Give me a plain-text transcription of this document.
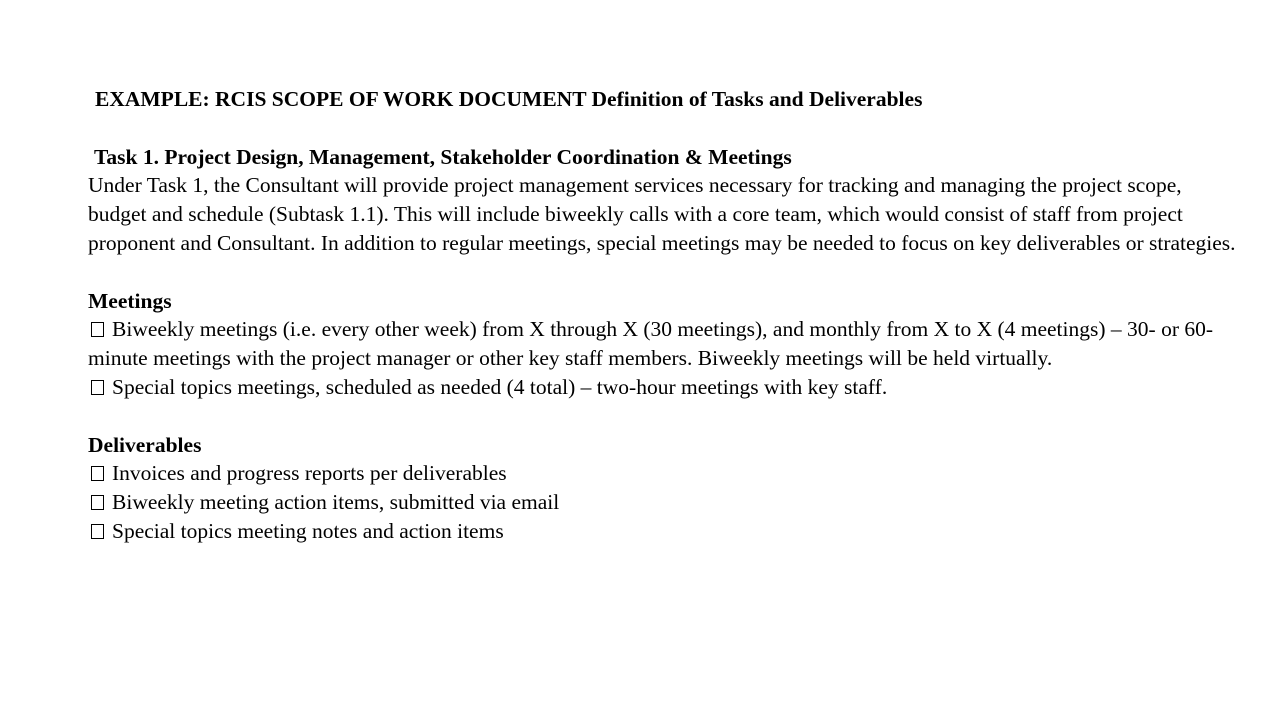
EXAMPLE: RCIS SCOPE OF WORK DOCUMENT Definition of Tasks and Deliverables

Task 1. Project Design, Management, Stakeholder Coordination & Meetings

Under Task 1, the Consultant will provide project management services necessary for tracking and managing the project scope, budget and schedule (Subtask 1.1). This will include biweekly calls with a core team, which would consist of staff from project proponent and Consultant. In addition to regular meetings, special meetings may be needed to focus on key deliverables or strategies.

Meetings

Biweekly meetings (i.e. every other week) from X through X (30 meetings), and monthly from X to X (4 meetings) – 30- or 60-minute meetings with the project manager or other key staff members. Biweekly meetings will be held virtually.

Special topics meetings, scheduled as needed (4 total) – two-hour meetings with key staff.

Deliverables

Invoices and progress reports per deliverables

Biweekly meeting action items, submitted via email

Special topics meeting notes and action items
